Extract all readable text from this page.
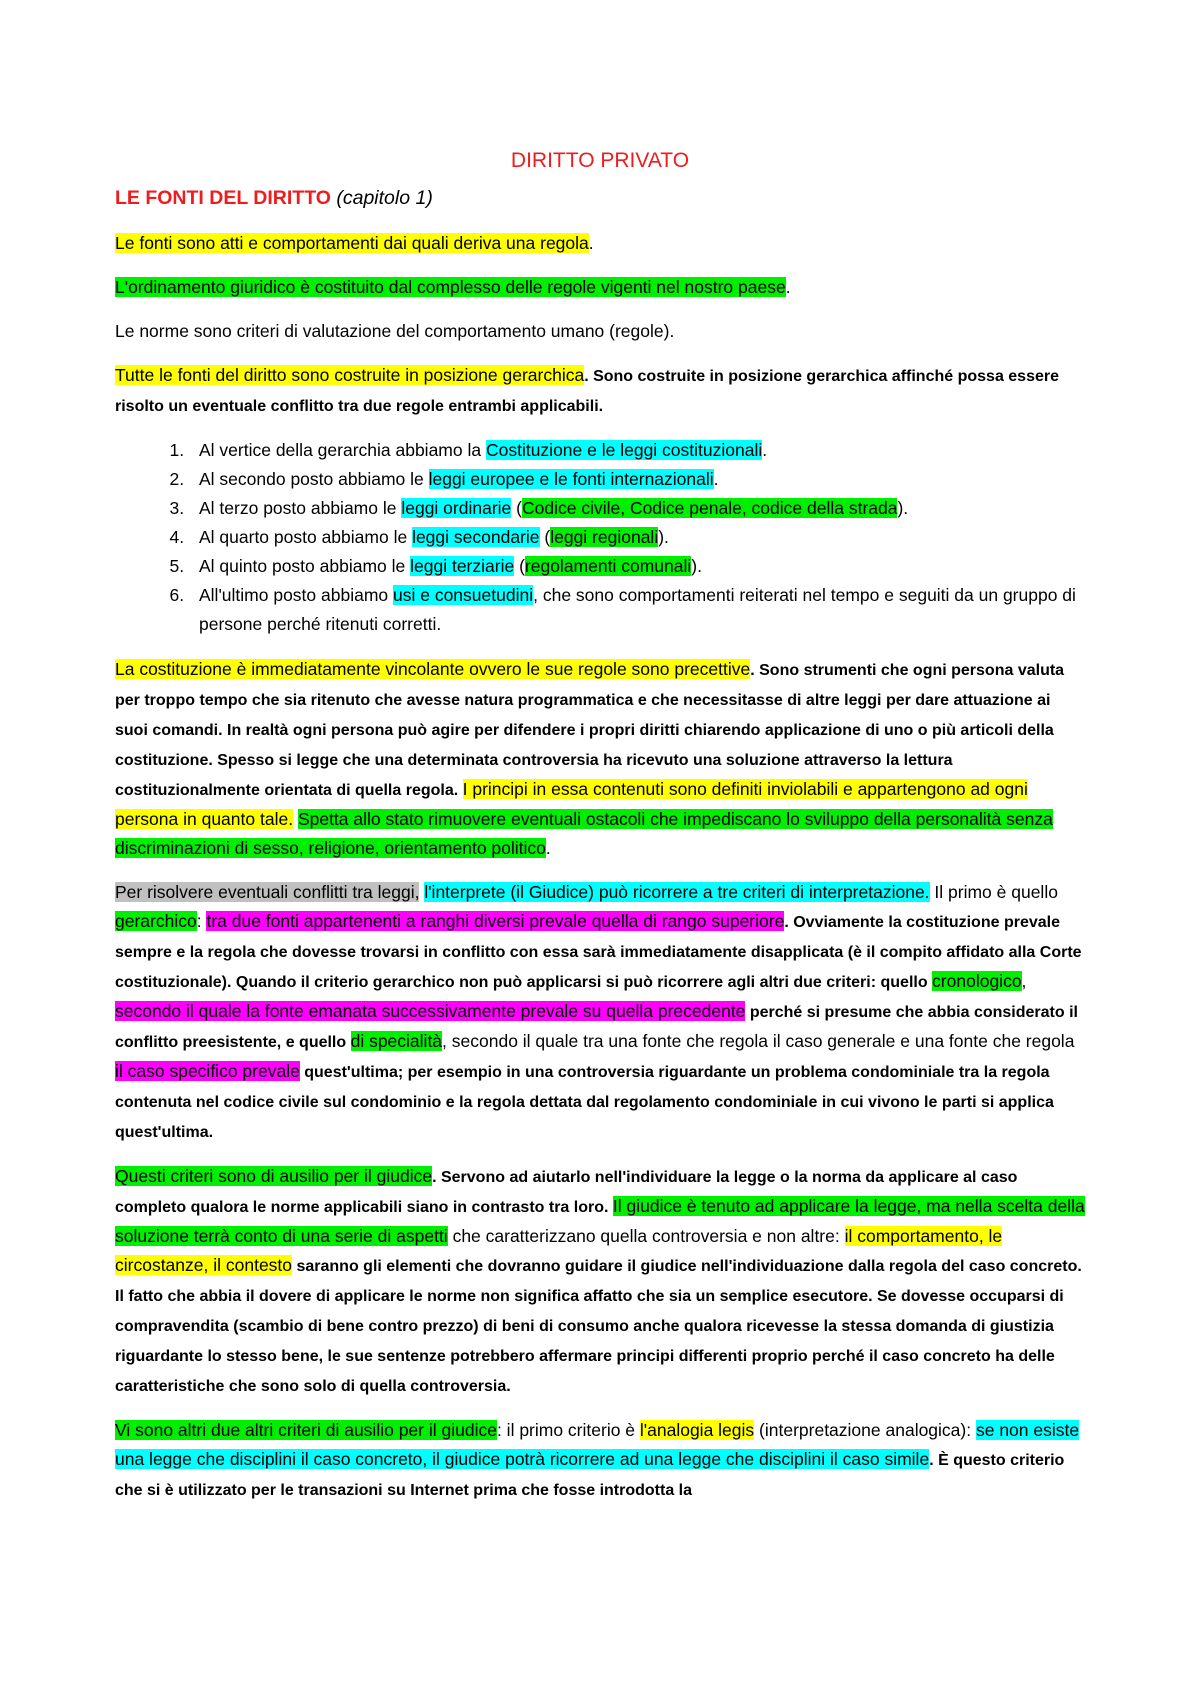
DIRITTO PRIVATO
LE FONTI DEL DIRITTO (capitolo 1)

Le fonti sono atti e comportamenti dai quali deriva una regola.

L'ordinamento giuridico è costituito dal complesso delle regole vigenti nel nostro paese.

Le norme sono criteri di valutazione del comportamento umano (regole).

Tutte le fonti del diritto sono costruite in posizione gerarchica. Sono costruite in posizione gerarchica affinché possa essere risolto un eventuale conflitto tra due regole entrambi applicabili.

1. Al vertice della gerarchia abbiamo la Costituzione e le leggi costituzionali.
2. Al secondo posto abbiamo le leggi europee e le fonti internazionali.
3. Al terzo posto abbiamo le leggi ordinarie (Codice civile, Codice penale, codice della strada).
4. Al quarto posto abbiamo le leggi secondarie (leggi regionali).
5. Al quinto posto abbiamo le leggi terziarie (regolamenti comunali).
6. All'ultimo posto abbiamo usi e consuetudini, che sono comportamenti reiterati nel tempo e seguiti da un gruppo di persone perché ritenuti corretti.

La costituzione è immediatamente vincolante ovvero le sue regole sono precettive. Sono strumenti che ogni persona valuta per troppo tempo che sia ritenuto che avesse natura programmatica e che necessitasse di altre leggi per dare attuazione ai suoi comandi. In realtà ogni persona può agire per difendere i propri diritti chiarendo applicazione di uno o più articoli della costituzione. Spesso si legge che una determinata controversia ha ricevuto una soluzione attraverso la lettura costituzionalmente orientata di quella regola. I principi in essa contenuti sono definiti inviolabili e appartengono ad ogni persona in quanto tale. Spetta allo stato rimuovere eventuali ostacoli che impediscano lo sviluppo della personalità senza discriminazioni di sesso, religione, orientamento politico.

Per risolvere eventuali conflitti tra leggi, l'interprete (il Giudice) può ricorrere a tre criteri di interpretazione. Il primo è quello gerarchico: tra due fonti appartenenti a ranghi diversi prevale quella di rango superiore. Ovviamente la costituzione prevale sempre e la regola che dovesse trovarsi in conflitto con essa sarà immediatamente disapplicata (è il compito affidato alla Corte costituzionale). Quando il criterio gerarchico non può applicarsi si può ricorrere agli altri due criteri: quello cronologico, secondo il quale la fonte emanata successivamente prevale su quella precedente perché si presume che abbia considerato il conflitto preesistente, e quello di specialità, secondo il quale tra una fonte che regola il caso generale e una fonte che regola il caso specifico prevale quest'ultima; per esempio in una controversia riguardante un problema condominiale tra la regola contenuta nel codice civile sul condominio e la regola dettata dal regolamento condominiale in cui vivono le parti si applica quest'ultima.

Questi criteri sono di ausilio per il giudice. Servono ad aiutarlo nell'individuare la legge o la norma da applicare al caso completo qualora le norme applicabili siano in contrasto tra loro. Il giudice è tenuto ad applicare la legge, ma nella scelta della soluzione terrà conto di una serie di aspetti che caratterizzano quella controversia e non altre: il comportamento, le circostanze, il contesto saranno gli elementi che dovranno guidare il giudice nell'individuazione dalla regola del caso concreto. Il fatto che abbia il dovere di applicare le norme non significa affatto che sia un semplice esecutore. Se dovesse occuparsi di compravendita (scambio di bene contro prezzo) di beni di consumo anche qualora ricevesse la stessa domanda di giustizia riguardante lo stesso bene, le sue sentenze potrebbero affermare principi differenti proprio perché il caso concreto ha delle caratteristiche che sono solo di quella controversia.

Vi sono altri due altri criteri di ausilio per il giudice: il primo criterio è l'analogia legis (interpretazione analogica): se non esiste una legge che disciplini il caso concreto, il giudice potrà ricorrere ad una legge che disciplini il caso simile. È questo criterio che si è utilizzato per le transazioni su Internet prima che fosse introdotta la
